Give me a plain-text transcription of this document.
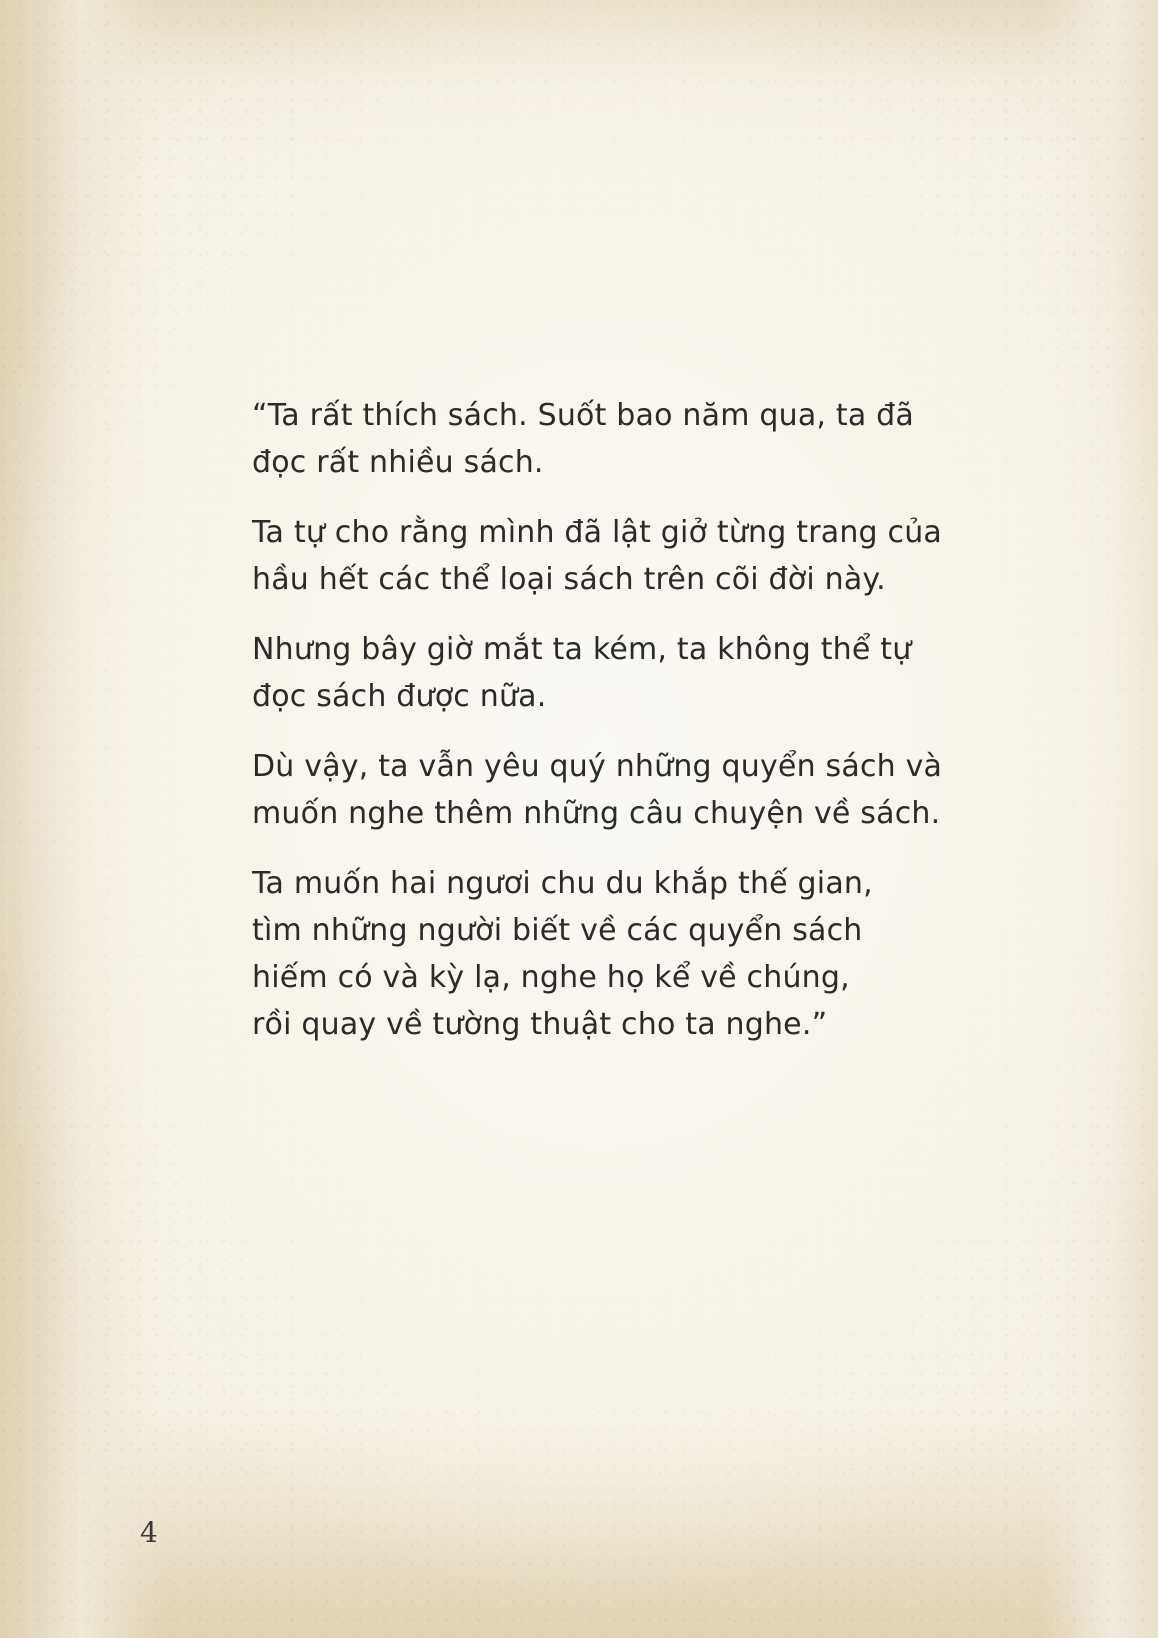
“Ta rất thích sách. Suốt bao năm qua, ta đã
đọc rất nhiều sách.

Ta tự cho rằng mình đã lật giở từng trang của
hầu hết các thể loại sách trên cõi đời này.

Nhưng bây giờ mắt ta kém, ta không thể tự
đọc sách được nữa.

Dù vậy, ta vẫn yêu quý những quyển sách và
muốn nghe thêm những câu chuyện về sách.

Ta muốn hai ngươi chu du khắp thế gian,
tìm những người biết về các quyển sách
hiếm có và kỳ lạ, nghe họ kể về chúng,
rồi quay về tường thuật cho ta nghe.”

4
